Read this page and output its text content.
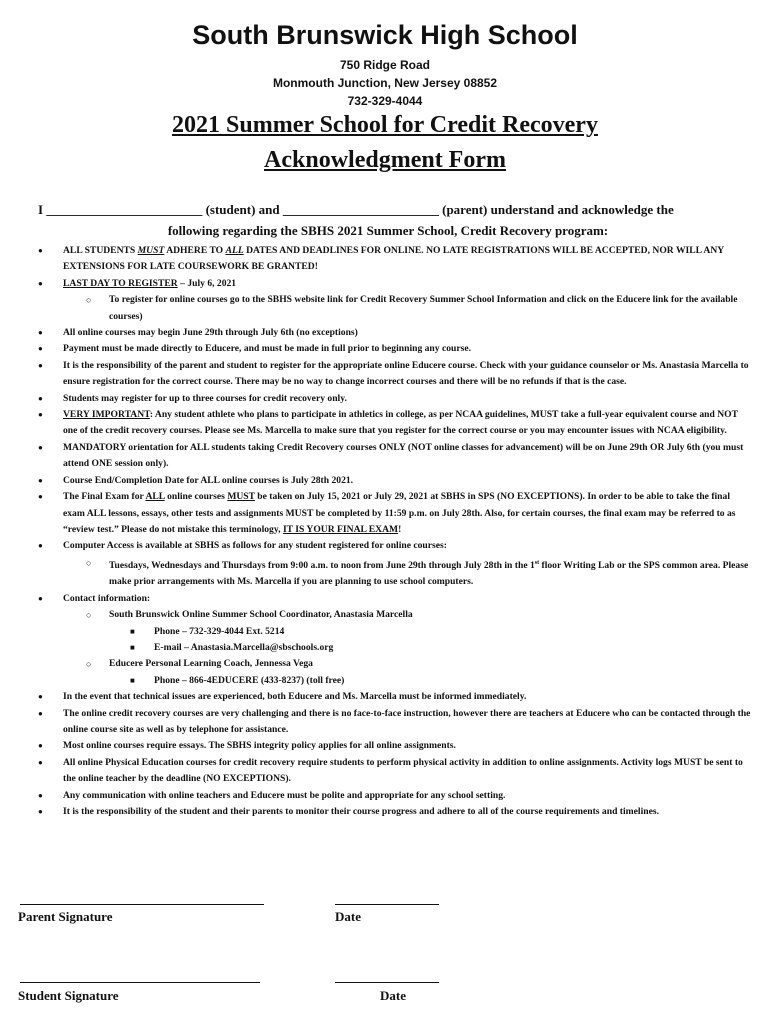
South Brunswick High School
750 Ridge Road
Monmouth Junction, New Jersey 08852
732-329-4044
2021 Summer School for Credit Recovery
Acknowledgment Form
I ________________________ (student) and ________________________ (parent) understand and acknowledge the
following regarding the SBHS 2021 Summer School, Credit Recovery program:
● ALL STUDENTS MUST ADHERE TO ALL DATES AND DEADLINES FOR ONLINE. NO LATE REGISTRATIONS WILL BE ACCEPTED, NOR WILL ANY EXTENSIONS FOR LATE COURSEWORK BE GRANTED!
● LAST DAY TO REGISTER – July 6, 2021
○ To register for online courses go to the SBHS website link for Credit Recovery Summer School Information and click on the Educere link for the available courses)
● All online courses may begin June 29th through July 6th (no exceptions)
● Payment must be made directly to Educere, and must be made in full prior to beginning any course.
● It is the responsibility of the parent and student to register for the appropriate online Educere course. Check with your guidance counselor or Ms. Anastasia Marcella to ensure registration for the correct course. There may be no way to change incorrect courses and there will be no refunds if that is the case.
● Students may register for up to three courses for credit recovery only.
● VERY IMPORTANT: Any student athlete who plans to participate in athletics in college, as per NCAA guidelines, MUST take a full-year equivalent course and NOT one of the credit recovery courses. Please see Ms. Marcella to make sure that you register for the correct course or you may encounter issues with NCAA eligibility.
● MANDATORY orientation for ALL students taking Credit Recovery courses ONLY (NOT online classes for advancement) will be on June 29th OR July 6th (you must attend ONE session only).
● Course End/Completion Date for ALL online courses is July 28th 2021.
● The Final Exam for ALL online courses MUST be taken on July 15, 2021 or July 29, 2021 at SBHS in SPS (NO EXCEPTIONS). In order to be able to take the final exam ALL lessons, essays, other tests and assignments MUST be completed by 11:59 p.m. on July 28th. Also, for certain courses, the final exam may be referred to as “review test.” Please do not mistake this terminology, IT IS YOUR FINAL EXAM!
● Computer Access is available at SBHS as follows for any student registered for online courses:
○ Tuesdays, Wednesdays and Thursdays from 9:00 a.m. to noon from June 29th through July 28th in the 1st floor Writing Lab or the SPS common area. Please make prior arrangements with Ms. Marcella if you are planning to use school computers.
● Contact information:
○ South Brunswick Online Summer School Coordinator, Anastasia Marcella
■ Phone – 732-329-4044 Ext. 5214
■ E-mail – Anastasia.Marcella@sbschools.org
○ Educere Personal Learning Coach, Jennessa Vega
■ Phone – 866-4EDUCERE (433-8237) (toll free)
● In the event that technical issues are experienced, both Educere and Ms. Marcella must be informed immediately.
● The online credit recovery courses are very challenging and there is no face-to-face instruction, however there are teachers at Educere who can be contacted through the online course site as well as by telephone for assistance.
● Most online courses require essays. The SBHS integrity policy applies for all online assignments.
● All online Physical Education courses for credit recovery require students to perform physical activity in addition to online assignments. Activity logs MUST be sent to the online teacher by the deadline (NO EXCEPTIONS).
● Any communication with online teachers and Educere must be polite and appropriate for any school setting.
● It is the responsibility of the student and their parents to monitor their course progress and adhere to all of the course requirements and timelines.
Parent Signature	Date
Student Signature	Date
